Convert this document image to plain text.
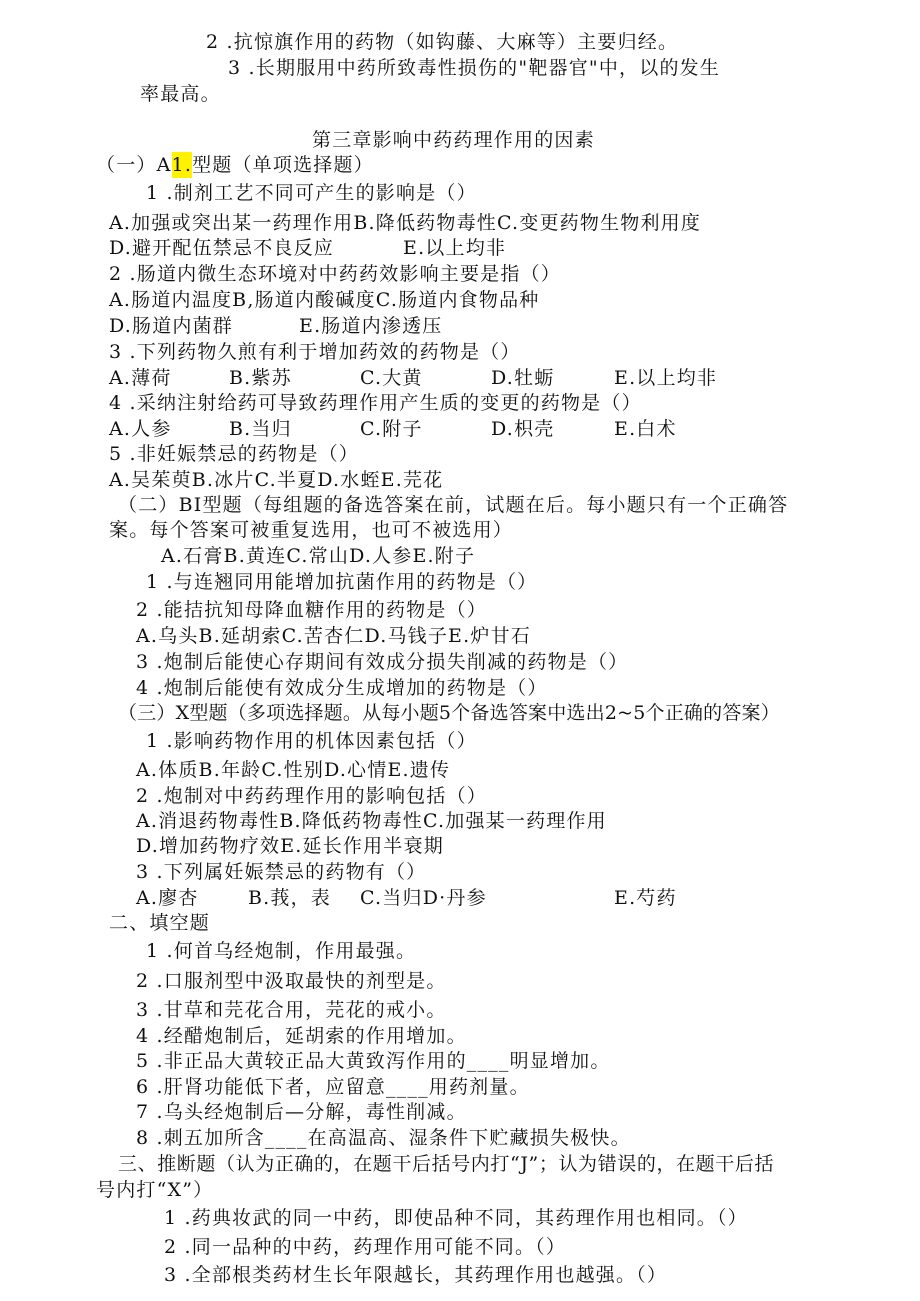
2 .抗惊旗作用的药物（如钩藤、大麻等）主要归经。
3 .长期服用中药所致毒性损伤的"靶器官"中，以的发生
率最高。
第三章影响中药药理作用的因素
（一）A1.型题（单项选择题）
1 .制剂工艺不同可产生的影响是（）
A.加强或突出某一药理作用B.降低药物毒性C.变更药物生物利用度
D.避开配伍禁忌不良反应	E.以上均非
2 .肠道内微生态环境对中药药效影响主要是指（）
A.肠道内温度B,肠道内酸碱度C.肠道内食物品种
D.肠道内菌群	E.肠道内渗透压
3 .下列药物久煎有利于增加药效的药物是（）
A.薄荷	B.紫苏	C.大黄	D.牡蛎	E.以上均非
4 .采纳注射给药可导致药理作用产生质的变更的药物是（）
A.人参	B.当归	C.附子	D.枳壳	E.白术
5 .非妊娠禁忌的药物是（）
A.吴茱萸B.冰片C.半夏D.水蛭E.芫花
（二）BI型题（每组题的备选答案在前，试题在后。每小题只有一个正确答
案。每个答案可被重复选用，也可不被选用）
A.石膏B.黄连C.常山D.人参E.附子
1 .与连翘同用能增加抗菌作用的药物是（）
2 .能拮抗知母降血糖作用的药物是（）
A.乌头B.延胡索C.苦杏仁D.马钱子E.炉甘石
3 .炮制后能使心存期间有效成分损失削减的药物是（）
4 .炮制后能使有效成分生成增加的药物是（）
（三）X型题（多项选择题。从每小题5个备选答案中选出2~5个正确的答案）
1 .影响药物作用的机体因素包括（）
A.体质B.年龄C.性别D.心情E.遗传
2 .炮制对中药药理作用的影响包括（）
A.消退药物毒性B.降低药物毒性C.加强某一药理作用
D.增加药物疗效E.延长作用半衰期
3 .下列属妊娠禁忌的药物有（）
A.廖杏	B.莪，表 C.当归D·丹参	E.芍药
二、填空题
1 .何首乌经炮制，作用最强。
2 .口服剂型中汲取最快的剂型是。
3 .甘草和芫花合用，芫花的戒小。
4 .经醋炮制后，延胡索的作用增加。
5 .非正品大黄较正品大黄致泻作用的____明显增加。
6 .肝肾功能低下者，应留意____用药剂量。
7 .乌头经炮制后—分解，毒性削减。
8 .刺五加所含____在高温高、湿条件下贮藏损失极快。
三、推断题（认为正确的，在题干后括号内打“J”；认为错误的，在题干后括
号内打“X”）
1 .药典妆武的同一中药，即使品种不同，其药理作用也相同。（）
2 .同一品种的中药，药理作用可能不同。（）
3 .全部根类药材生长年限越长，其药理作用也越强。（）
